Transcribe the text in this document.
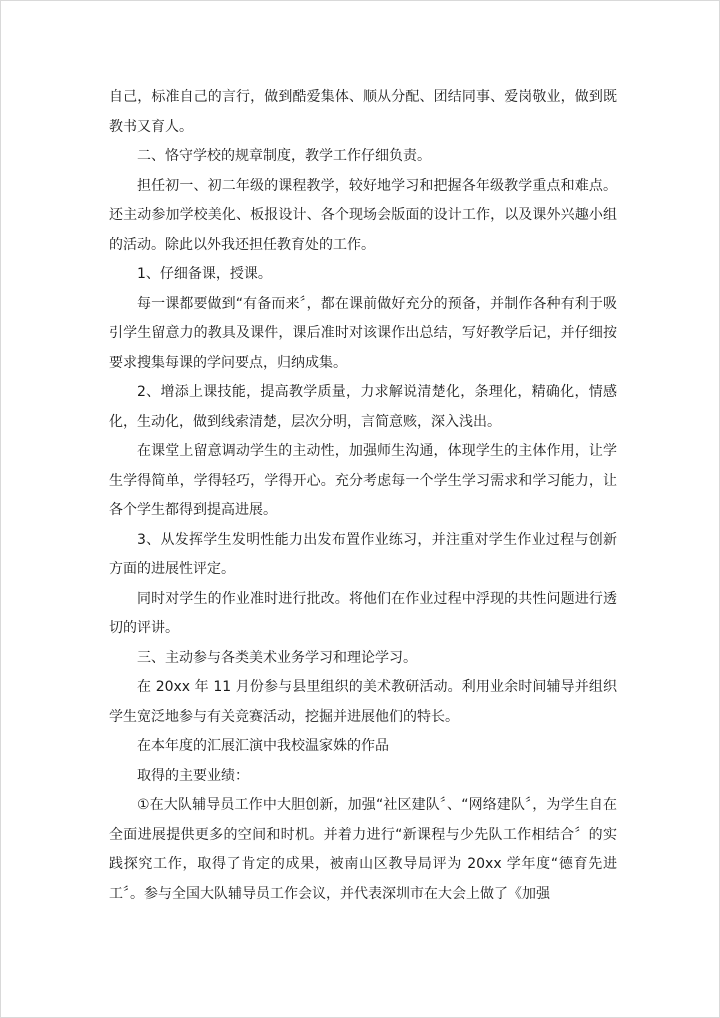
自己，标准自己的言行，做到酷爱集体、顺从分配、团结同事、爱岗敬业，做到既教书又育人。

二、恪守学校的规章制度，教学工作仔细负责。

担任初一、初二年级的课程教学，较好地学习和把握各年级教学重点和难点。还主动参加学校美化、板报设计、各个现场会版面的设计工作，以及课外兴趣小组的活动。除此以外我还担任教育处的工作。

1、仔细备课，授课。

每一课都要做到“有备而来〞，都在课前做好充分的预备，并制作各种有利于吸引学生留意力的教具及课件，课后准时对该课作出总结，写好教学后记，并仔细按要求搜集每课的学问要点，归纳成集。

2、增添上课技能，提高教学质量，力求解说清楚化，条理化，精确化，情感化，生动化，做到线索清楚，层次分明，言简意赅，深入浅出。

在课堂上留意调动学生的主动性，加强师生沟通，体现学生的主体作用，让学生学得简单，学得轻巧，学得开心。充分考虑每一个学生学习需求和学习能力，让各个学生都得到提高进展。

3、从发挥学生发明性能力出发布置作业练习，并注重对学生作业过程与创新方面的进展性评定。

同时对学生的作业准时进行批改。将他们在作业过程中浮现的共性问题进行透切的评讲。

三、主动参与各类美术业务学习和理论学习。

在 20xx 年 11 月份参与县里组织的美术教研活动。利用业余时间辅导并组织学生宽泛地参与有关竞赛活动，挖掘并进展他们的特长。

在本年度的汇展汇演中我校温家姝的作品

取得的主要业绩：

①在大队辅导员工作中大胆创新，加强“社区建队〞、“网络建队〞，为学生自在全面进展提供更多的空间和时机。并着力进行“新课程与少先队工作相结合〞的实践探究工作，取得了肯定的成果，被南山区教导局评为 20xx 学年度“德育先进工〞。参与全国大队辅导员工作会议，并代表深圳市在大会上做了《加强
